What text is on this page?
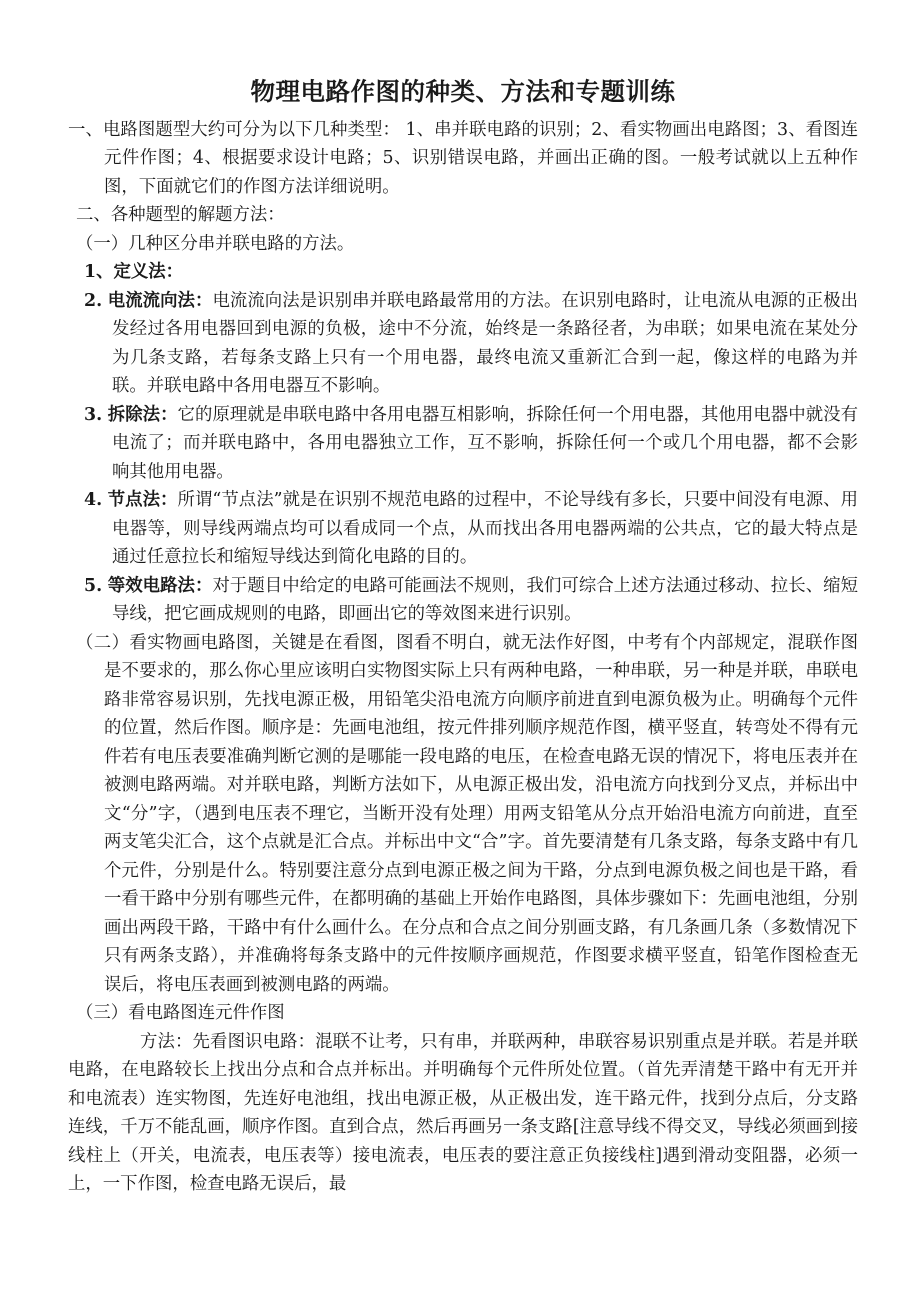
物理电路作图的种类、方法和专题训练

一、电路图题型大约可分为以下几种类型： 1、串并联电路的识别；2、看实物画出电路图；3、看图连元件作图；4、根据要求设计电路；5、识别错误电路，并画出正确的图。一般考试就以上五种作图，下面就它们的作图方法详细说明。

二、各种题型的解题方法：

（一）几种区分串并联电路的方法。

1、定义法：

2. 电流流向法：电流流向法是识别串并联电路最常用的方法。在识别电路时，让电流从电源的正极出发经过各用电器回到电源的负极，途中不分流，始终是一条路径者，为串联；如果电流在某处分为几条支路，若每条支路上只有一个用电器，最终电流又重新汇合到一起，像这样的电路为并联。并联电路中各用电器互不影响。

3. 拆除法：它的原理就是串联电路中各用电器互相影响，拆除任何一个用电器，其他用电器中就没有电流了；而并联电路中，各用电器独立工作，互不影响，拆除任何一个或几个用电器，都不会影响其他用电器。

4. 节点法：所谓“节点法”就是在识别不规范电路的过程中，不论导线有多长，只要中间没有电源、用电器等，则导线两端点均可以看成同一个点，从而找出各用电器两端的公共点，它的最大特点是通过任意拉长和缩短导线达到简化电路的目的。

5. 等效电路法：对于题目中给定的电路可能画法不规则，我们可综合上述方法通过移动、拉长、缩短导线，把它画成规则的电路，即画出它的等效图来进行识别。

（二）看实物画电路图，关键是在看图，图看不明白，就无法作好图，中考有个内部规定，混联作图是不要求的，那么你心里应该明白实物图实际上只有两种电路，一种串联，另一种是并联，串联电路非常容易识别，先找电源正极，用铅笔尖沿电流方向顺序前进直到电源负极为止。明确每个元件的位置，然后作图。顺序是：先画电池组，按元件排列顺序规范作图，横平竖直，转弯处不得有元件若有电压表要准确判断它测的是哪能一段电路的电压，在检查电路无误的情况下，将电压表并在被测电路两端。对并联电路，判断方法如下，从电源正极出发，沿电流方向找到分叉点，并标出中文“分”字，（遇到电压表不理它，当断开没有处理）用两支铅笔从分点开始沿电流方向前进，直至两支笔尖汇合，这个点就是汇合点。并标出中文“合”字。首先要清楚有几条支路，每条支路中有几个元件，分别是什么。特别要注意分点到电源正极之间为干路，分点到电源负极之间也是干路，看一看干路中分别有哪些元件，在都明确的基础上开始作电路图，具体步骤如下：先画电池组，分别画出两段干路，干路中有什么画什么。在分点和合点之间分别画支路，有几条画几条（多数情况下只有两条支路），并准确将每条支路中的元件按顺序画规范，作图要求横平竖直，铅笔作图检查无误后，将电压表画到被测电路的两端。

（三）看电路图连元件作图

方法：先看图识电路：混联不让考，只有串，并联两种，串联容易识别重点是并联。若是并联电路，在电路较长上找出分点和合点并标出。并明确每个元件所处位置。（首先弄清楚干路中有无开并和电流表）连实物图，先连好电池组，找出电源正极，从正极出发，连干路元件，找到分点后，分支路连线，千万不能乱画，顺序作图。直到合点，然后再画另一条支路[注意导线不得交叉，导线必须画到接线柱上（开关，电流表，电压表等）接电流表，电压表的要注意正负接线柱]遇到滑动变阻器，必须一上，一下作图，检查电路无误后，最
